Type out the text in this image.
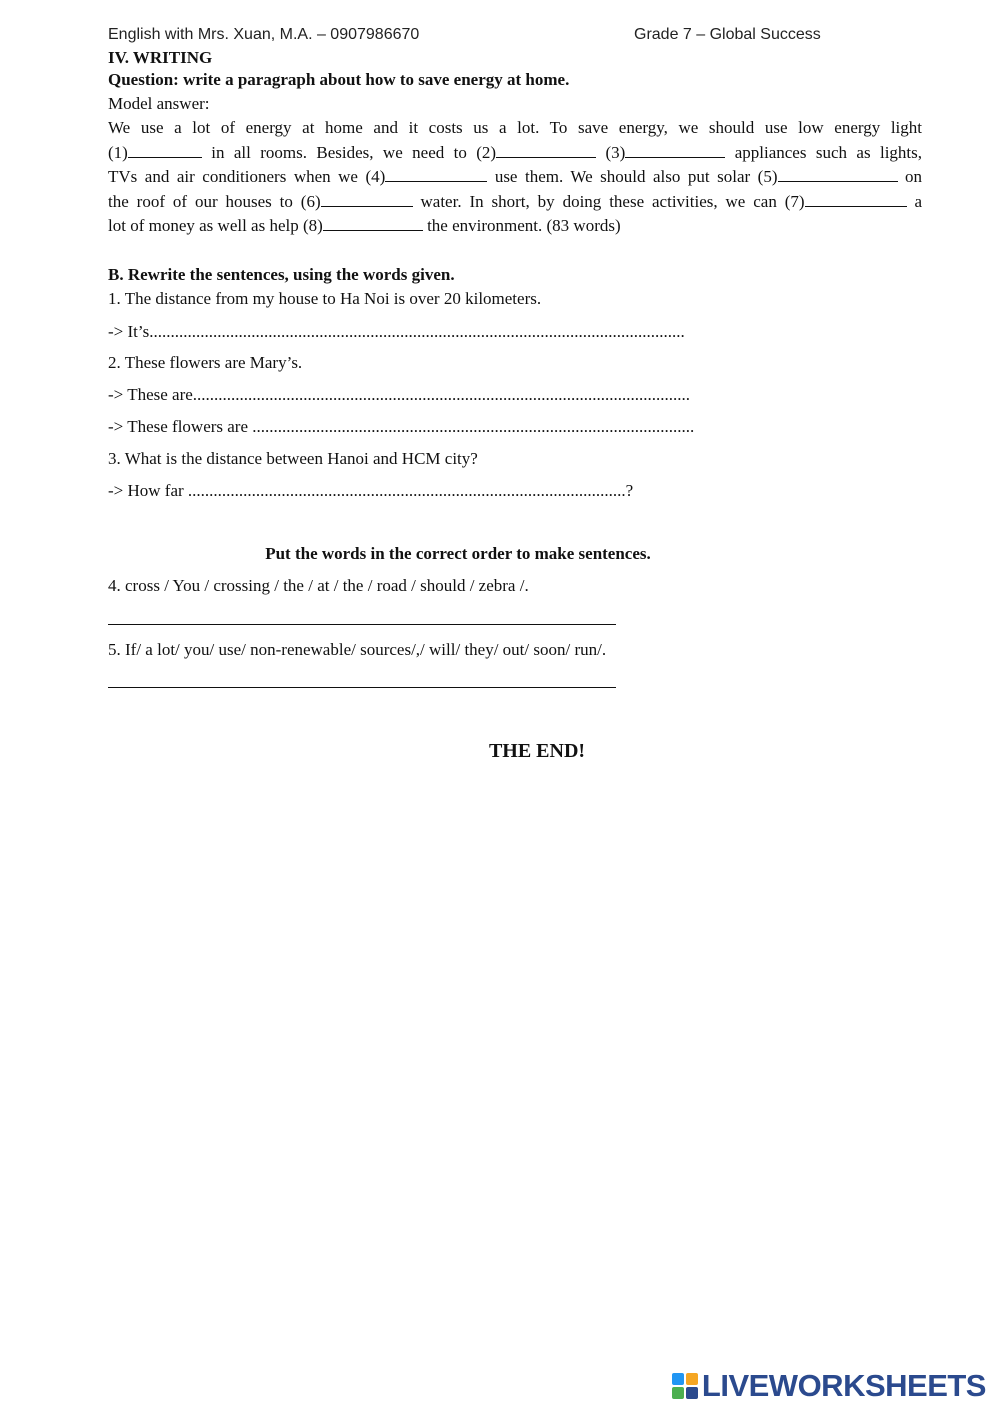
English with Mrs. Xuan, M.A. – 0907986670	Grade 7 – Global Success
IV. WRITING
Question: write a paragraph about how to save energy at home.
Model answer:
We use a lot of energy at home and it costs us a lot. To save energy, we should use low energy light
(1)	in all rooms. Besides, we need to (2)	(3)	appliances such as lights,
TVs and air conditioners when we (4)	use them. We should also put solar (5)	on
the roof of our houses to (6)	water. In short, by doing these activities, we can (7)	a
lot of money as well as help (8)	the environment. (83 words)
B. Rewrite the sentences, using the words given.
1. The distance from my house to Ha Noi is over 20 kilometers.
-> It’s..............................................................................................................................
2. These flowers are Mary’s.
-> These are.....................................................................................................................
-> These flowers are ........................................................................................................
3. What is the distance between Hanoi and HCM city?
-> How far .......................................................................................................?
Put the words in the correct order to make sentences.
4. cross / You / crossing / the / at / the / road / should / zebra /.
5. If/ a lot/ you/ use/ non-renewable/ sources/,/ will/ they/ out/ soon/ run/.
THE END!
LIVEWORKSHEETS
